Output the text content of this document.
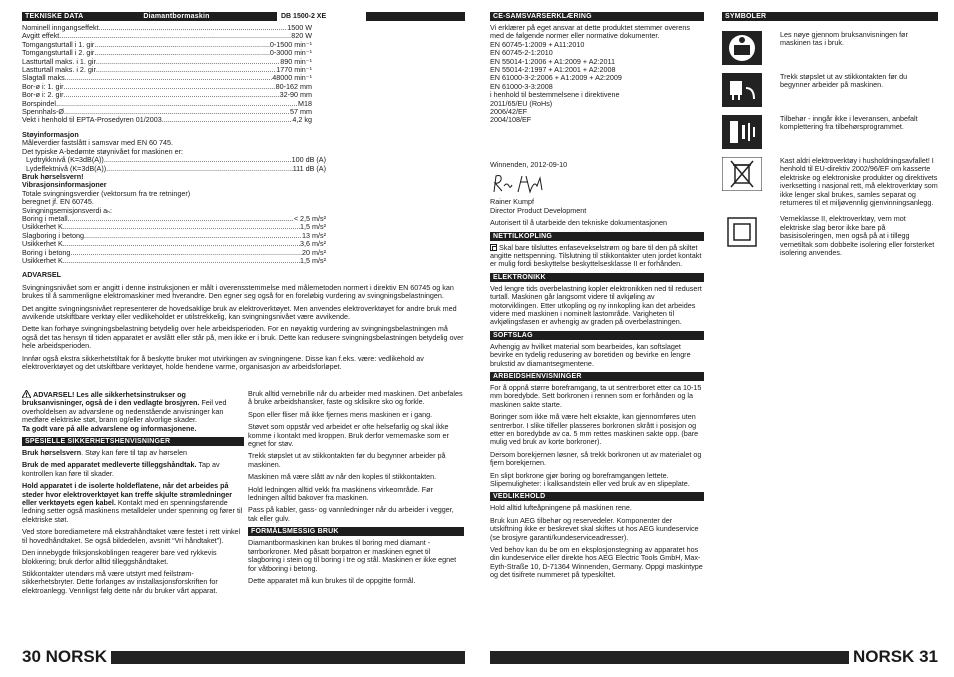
TEKNISKE DATA	Diamantbormaskin	DB 1500-2 XE
Nominell inngangseffekt .....	1500 W
Avgitt effekt .....	820 W
Tomgangsturtall i 1. gir .....	0-1500 min⁻¹
Tomgangsturtall i 2. gir .....	0-3000 min⁻¹
Lastturtall maks. i 1. gir .....	890 min⁻¹
Lastturtall maks. i 2. gir .....	1770 min⁻¹
Slagtall maks. .....	48000 min⁻¹
Bor-ø i: 1. gir .....	80-162 mm
Bor-ø i: 2. gir .....	32-90 mm
Borspindel .....	M18
Spennhals-Ø .....	57 mm
Vekt i henhold til EPTA-Prosedyren 01/2003 .....	4,2 kg
Støyinformasjon
Måleverdier fastslått i samsvar med EN 60 745.
Det typiske A-bedømte støynivået for maskinen er:
Lydtrykknivå (K=3dB(A)) .....	100 dB (A)
Lydeffektnivå (K=3dB(A)) .....	111 dB (A)
Bruk hørselsvern!
Vibrasjonsinformasjoner
Totale svingningsverdier (vektorsum fra tre retninger)
beregnet jf. EN 60745.
Svingningsemisjonsverdi aₕ:
Boring i metall .....	< 2,5 m/s²
Usikkerhet K .....	1,5 m/s²
Slagboring i betong .....	13 m/s²
Usikkerhet K .....	3,6 m/s²
Boring i betong .....	20 m/s²
Usikkerhet K .....	1,5 m/s²
ADVARSEL

Svingningsnivået som er angitt i denne instruksjonen er målt i overensstemmelse med målemetoden normert i direktiv EN 60745 og kan brukes til å sammenligne elektromaskiner med hverandre. Den egner seg også for en foreløbig vurdering av svingningsbelastningen.

Det angitte svingningsnivået representerer de hovedsaklige bruk av elektroverktøyet. Men anvendes elektroverktøyet for andre bruk med avvikende utskiftbare verktøy eller vedlikeholdet er utilstrekkelig, kan svingningsnivået være avvikende.

Dette kan forhøye svingningsbelastning betydelig over hele arbeidsperioden. For en nøyaktig vurdering av svingningsbelastningen må også det tas hensyn til tiden apparatet er avslått eller står på, men ikke er i bruk. Dette kan redusere svingningsbelastningen betydelig over hele arbeidsperioden.

Innfør også ekstra sikkerhetstiltak for å beskytte bruker mot utvirkingen av svingningene. Disse kan f.eks. være: vedlikehold av elektroverktøyet og det utskiftbare verktøyet, holde hendene varme, organisasjon av arbeidsforløpet.

ADVARSEL! Les alle sikkerhetsinstrukser og bruksanvisninger, også de i den vedlagte brosjyren. Feil ved overholdelsen av advarslene og nedenstående anvisninger kan medføre elektriske støt, brann og/eller alvorlige skader.
Ta godt vare på alle advarslene og informasjonene.

SPESIELLE SIKKERHETSHENVISNINGER

Bruk hørselsvern. Støy kan føre til tap av hørselen

Bruk de med apparatet medleverte tilleggshåndtak. Tap av kontrollen kan føre til skader.

Hold apparatet i de isolerte holdeflatene, når det arbeides på steder hvor elektroverktøyet kan treffe skjulte strømledninger eller verktøyets egen kabel. Kontakt med en spenningsførende ledning setter også maskinens metalldeler under spenning og fører til elektriske støt.

Ved store borediametere må ekstrahåndtaket være festet i rett vinkel til hovedhåndtaket. Se også bildedelen, avsnitt “Vri håndtaket”).

Den innebygde friksjonskoblingen reagerer bare ved rykkevis blokkering; bruk derfor alltid tilleggshåndtaket.

Stikkontakter utendørs må være utstyrt med feilstrøm-sikkerhetsbryter. Dette forlanges av installasjonsforskriften for elektroanlegg. Vennligst følg dette når du bruker vårt apparat.

Bruk alltid vernebrille når du arbeider med maskinen. Det anbefales å bruke arbeidshansker, faste og sklisikre sko og forkle.

Spon eller fliser må ikke fjernes mens maskinen er i gang.

Støvet som oppstår ved arbeidet er ofte helsefarlig og skal ikke komme i kontakt med kroppen. Bruk derfor vernemaske som er egnet for støv.

Trekk støpslet ut av stikkontakten før du begynner arbeider på maskinen.

Maskinen må være slått av når den koples til stikkontakten.

Hold ledningen alltid vekk fra maskinens virkeområde. Før ledningen alltid bakover fra maskinen.

Pass på kabler, gass- og vannledninger når du arbeider i vegger, tak eller gulv.

FORMÅLSMESSIG BRUK

Diamantbormaskinen kan brukes til boring med diamant - tørrborkroner. Med påsatt borpatron er maskinen egnet til slagboring i stein og til boring i tre og stål. Maskinen er ikke egnet for våtboring i betong.

Dette apparatet må kun brukes til de oppgitte formål.

30 NORSK
CE-SAMSVARSERKLÆRING
Vi erklærer på eget ansvar at dette produktet stemmer overens med de følgende normer eller normative dokumenter.
EN 60745-1:2009 + A11:2010
EN 60745-2-1:2010
EN 55014-1:2006 + A1:2009 + A2:2011
EN 55014-2:1997 + A1:2001 + A2:2008
EN 61000-3-2:2006 + A1:2009 + A2:2009
EN 61000-3-3:2008
i henhold til bestemmelsene i direktivene
2011/65/EU (RoHs)
2006/42/EF
2004/108/EF
Winnenden, 2012-09-10
Rainer Kumpf
Director Product Development

Autorisert til å utarbeide den tekniske dokumentasjonen

NETTILKOPLING

Skal bare tilsluttes enfasevekselstrøm og bare til den på skiltet angitte nettspenning. Tilslutning til stikkontakter uten jordet kontakt er mulig fordi beskyttelse beskyttelsesklasse II er forhånden.

ELEKTRONIKK

Ved lengre tids overbelastning kopler elektronikken ned til redusert turtall. Maskinen går langsomt videre til avkjøling av motorviklingen. Etter utkopling og ny innkopling kan det arbeides videre med maskinen i nominelt lastområde. Varigheten til avkjølingsfasen er avhengig av graden på overbelastningen.

SOFTSLAG

Avhengig av hvilket material som bearbeides, kan softslaget bevirke en tydelig redusering av boretiden og bevirke en lengre brukstid av diamantsegmentene.

ARBEIDSHENVISNINGER

For å oppnå større boreframgang, ta ut sentrerboret etter ca 10-15 mm boredybde. Sett borkronen i rennen som er forhånden og la maskinen sakte starte.

Boringer som ikke må være helt eksakte, kan gjennomføres uten sentrerbor. I slike tilfeller plasseres borkronen skrått i posisjon og etter en boredybde av ca. 5 mm rettes maskinen sakte opp. (bare mulig ved bruk av korte borkroner).

Dersom borekjernen løsner, så trekk borkronen ut av materialet og fjern borekjernen.

En slipt borkrone gjør boring og boreframgangen lettete. Slipemuligheter: i kalksandstein eller ved bruk av en slipeplate.

VEDLIKEHOLD

Hold alltid lufteåpningene på maskinen rene.

Bruk kun AEG tilbehør og reservedeler. Komponenter der utskiftning ikke er beskrevet skal skiftes ut hos AEG kundeservice (se brosjyre garanti/kundeserviceadresser).

Ved behov kan du be om en eksplosjonstegning av apparatet hos din kundeservice eller direkte hos AEG Electric Tools GmbH, Max-Eyth-Straße 10, D-71364 Winnenden, Germany. Oppgi maskintype og det tisifrete nummeret på typeskiltet.

SYMBOLER
Les nøye gjennom bruksanvisningen før maskinen tas i bruk.
Trekk støpslet ut av stikkontakten før du begynner arbeider på maskinen.
Tilbehør - inngår ikke i leveransen, anbefalt komplettering fra tilbehørsprogrammet.
Kast aldri elektroverktøy i husholdningsavfallet! I henhold til EU-direktiv 2002/96/EF om kasserte elektriske og elektroniske produkter og direktivets iverksetting i nasjonal rett, må elektroverktøy som ikke lenger skal brukes, samles separat og returneres til et miljøvennlig gjenvinningsanlegg.
Verneklasse II, elektroverktøy, vern mot elektriske slag beror ikke bare på basisisoleringen, men også på at i tillegg vernetiltak som dobbelte isolering eller forsterket isolering anvendes.
NORSK 31
